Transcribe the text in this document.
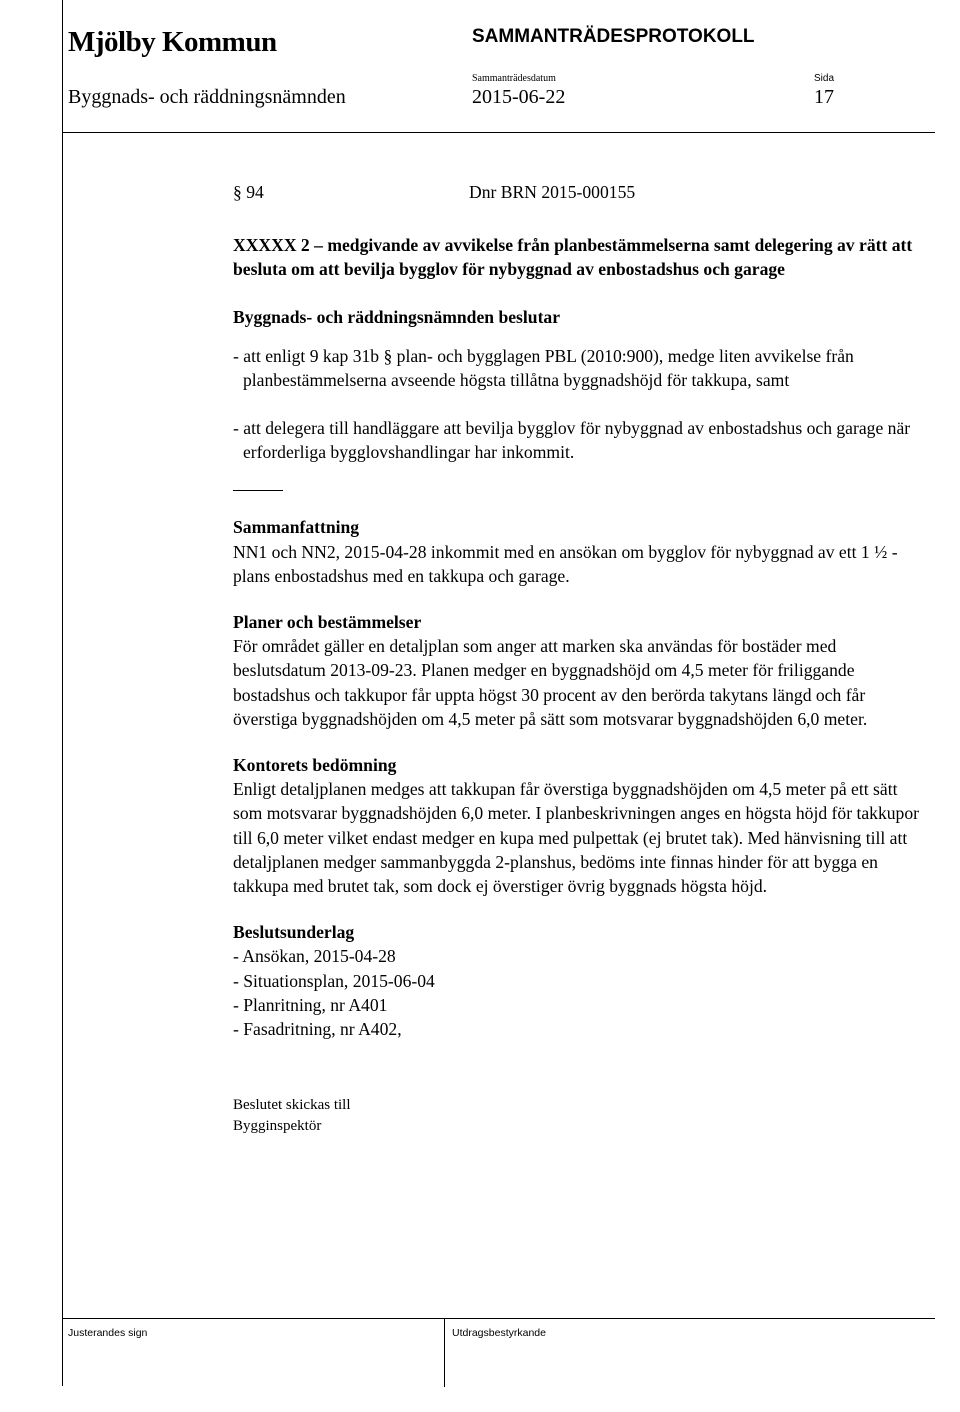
Mjölby Kommun	SAMMANTRÄDESPROTOKOLL
Sammanträdesdatum	Sida
Byggnads- och räddningsnämnden	2015-06-22	17
§ 94	Dnr BRN 2015-000155
XXXXX 2 – medgivande av avvikelse från planbestämmelserna samt delegering av rätt att besluta om att bevilja bygglov för nybyggnad av enbostadshus och garage
Byggnads- och räddningsnämnden beslutar
- att enligt 9 kap 31b § plan- och bygglagen PBL (2010:900), medge liten avvikelse från planbestämmelserna avseende högsta tillåtna byggnadshöjd för takkupa, samt
- att delegera till handläggare att bevilja bygglov för nybyggnad av enbostadshus och garage när erforderliga bygglovshandlingar har inkommit.
Sammanfattning
NN1 och NN2, 2015-04-28 inkommit med en ansökan om bygglov för nybyggnad av ett 1 ½ -plans enbostadshus med en takkupa och garage.
Planer och bestämmelser
För området gäller en detaljplan som anger att marken ska användas för bostäder med beslutsdatum 2013-09-23. Planen medger en byggnadshöjd om 4,5 meter för friliggande bostadshus och takkupor får uppta högst 30 procent av den berörda takytans längd och får överstiga byggnadshöjden om 4,5 meter på sätt som motsvarar byggnadshöjden 6,0 meter.
Kontorets bedömning
Enligt detaljplanen medges att takkupan får överstiga byggnadshöjden om 4,5 meter på ett sätt som motsvarar byggnadshöjden 6,0 meter. I planbeskrivningen anges en högsta höjd för takkupor till 6,0 meter vilket endast medger en kupa med pulpettak (ej brutet tak). Med hänvisning till att detaljplanen medger sammanbyggda 2-planshus, bedöms inte finnas hinder för att bygga en takkupa med brutet tak, som dock ej överstiger övrig byggnads högsta höjd.
Beslutsunderlag
- Ansökan, 2015-04-28
- Situationsplan, 2015-06-04
- Planritning, nr A401
- Fasadritning, nr A402,
Beslutet skickas till
Bygginspektör
Justerandes sign	Utdragsbestyrkande
